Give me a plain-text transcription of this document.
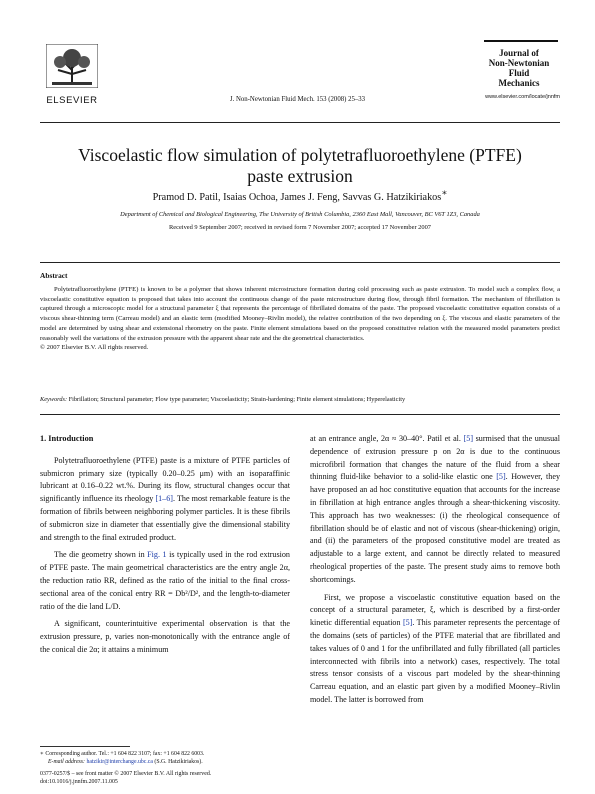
ELSEVIER	J. Non-Newtonian Fluid Mech. 153 (2008) 25–33
Journal of
Non-Newtonian
Fluid
Mechanics
www.elsevier.com/locate/jnnfm
Viscoelastic flow simulation of polytetrafluoroethylene (PTFE)
paste extrusion
Pramod D. Patil, Isaias Ochoa, James J. Feng, Savvas G. Hatzikiriakos∗
Department of Chemical and Biological Engineering, The University of British Columbia, 2360 East Mall, Vancouver, BC V6T 1Z3, Canada
Received 9 September 2007; received in revised form 7 November 2007; accepted 17 November 2007
Abstract

Polytetrafluoroethylene (PTFE) is known to be a polymer that shows inherent microstructure formation during cold processing such as paste extrusion. To model such a complex flow, a viscoelastic constitutive equation is proposed that takes into account the continuous change of the paste microstructure during flow, through fibril formation. The mechanism of fibrillation is captured through a microscopic model for a structural parameter ξ that represents the percentage of fibrillated domains of the paste. The proposed viscoelastic constitutive equation consists of a viscous shear-thinning term (Carreau model) and an elastic term (modified Mooney–Rivlin model), the relative contribution of the two depending on ξ. The viscous and elastic parameters of the model are determined by using shear and extensional rheometry on the paste. Finite element simulations based on the proposed constitutive relation with the measured model parameters predict reasonably well the variations of the extrusion pressure with the apparent shear rate and the die geometrical characteristics.

© 2007 Elsevier B.V. All rights reserved.

Keywords: Fibrillation; Structural parameter; Flow type parameter; Viscoelasticity; Strain-hardening; Finite element simulations; Hyperelasticity

1. Introduction

Polytetrafluoroethylene (PTFE) paste is a mixture of PTFE particles of submicron primary size (typically 0.20–0.25 μm) with an isoparaffinic lubricant at 0.16–0.22 wt.%. During its flow, structural changes occur that significantly influence its rheology [1–6]. The most remarkable feature is the formation of fibrils between neighboring polymer particles. It is these fibrils of submicron size in diameter that essentially give the dimensional stability and strength to the final extruded product.

The die geometry shown in Fig. 1 is typically used in the rod extrusion of PTFE paste. The main geometrical characteristics are the entry angle 2α, the reduction ratio RR, defined as the ratio of the initial to the final cross-sectional area of the conical entry RR = Db²/D², and the length-to-diameter ratio of the die land L/D.

A significant, counterintuitive experimental observation is that the extrusion pressure, p, varies non-monotonically with the entrance angle of the conical die 2α; it attains a minimum

at an entrance angle, 2α ≈ 30–40°. Patil et al. [5] surmised that the unusual dependence of extrusion pressure p on 2α is due to the continuous microfibril formation that changes the nature of the fluid from a shear thinning fluid-like behavior to a solid-like elastic one [5]. However, they have proposed an ad hoc constitutive equation that accounts for the increase in fibrillation at high entrance angles through a shear-thickening viscosity. This approach has two weaknesses: (i) the rheological consequence of fibrillation should be of elastic and not of viscous (shear-thickening) origin, and (ii) the parameters of the proposed constitutive model are treated as adjustable to a large extent, and cannot be directly related to measured rheological properties of the paste. The present study aims to remove both shortcomings.

First, we propose a viscoelastic constitutive equation based on the concept of a structural parameter, ξ, which is described by a first-order kinetic differential equation [5]. This parameter represents the percentage of the domains (sets of particles) of the PTFE material that are fibrillated and takes values of 0 and 1 for the unfibrillated and fully fibrillated (all particles interconnected with fibrils into a network) cases, respectively. The total stress tensor consists of a viscous part modeled by the shear-thinning Carreau equation, and an elastic part given by a modified Mooney–Rivlin model. The latter is borrowed from

∗ Corresponding author. Tel.: +1 604 822 3107; fax: +1 604 822 6003.
E-mail address: hatzikir@interchange.ubc.ca (S.G. Hatzikiriakos).
0377-0257/$ – see front matter © 2007 Elsevier B.V. All rights reserved.
doi:10.1016/j.jnnfm.2007.11.005
